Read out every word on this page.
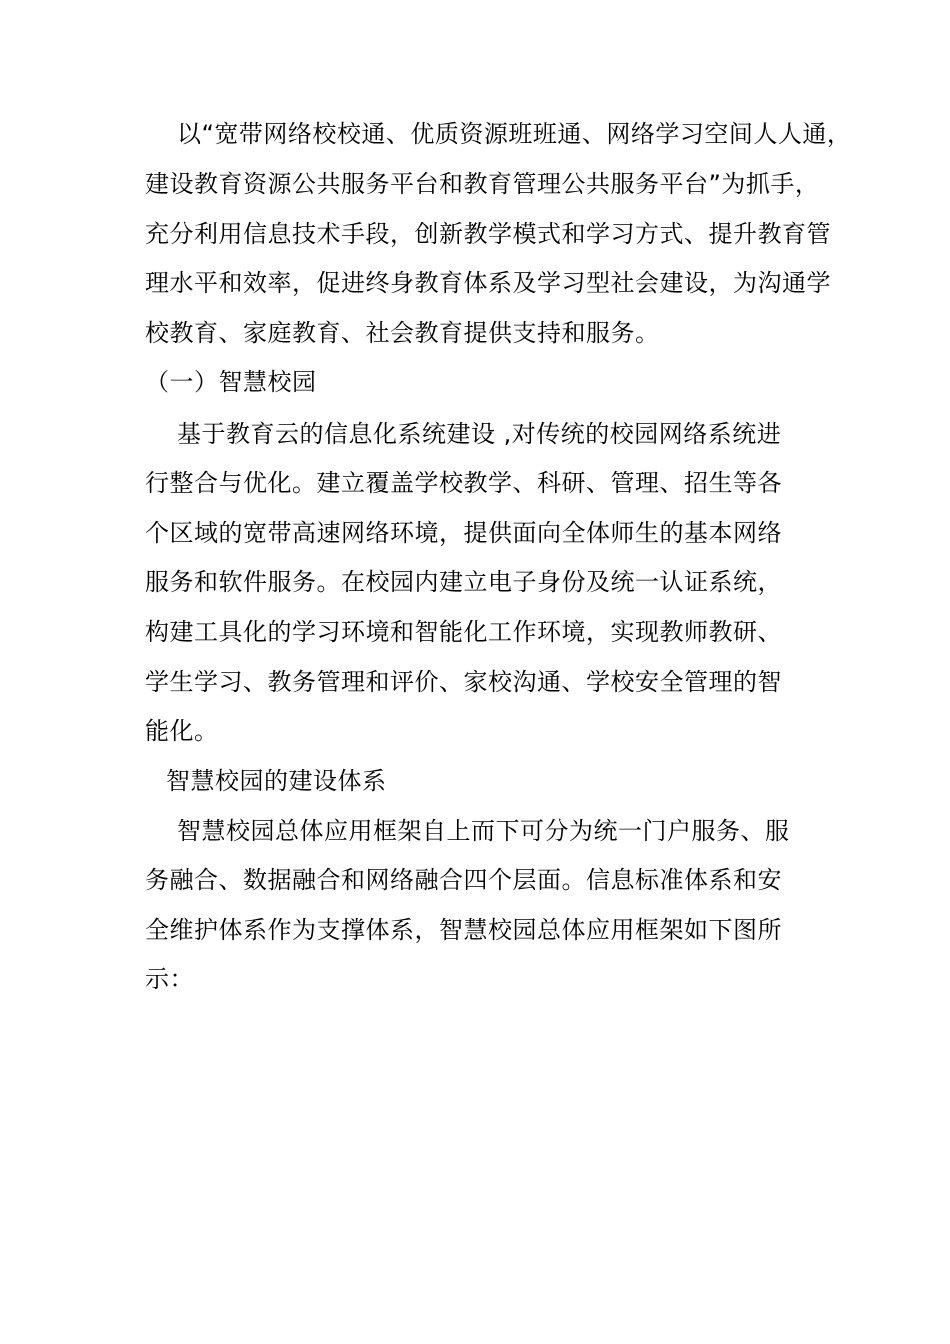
以“宽带网络校校通、优质资源班班通、网络学习空间人人通，
建设教育资源公共服务平台和教育管理公共服务平台”为抓手，
充分利用信息技术手段，创新教学模式和学习方式、提升教育管
理水平和效率，促进终身教育体系及学习型社会建设，为沟通学
校教育、家庭教育、社会教育提供支持和服务。
（一）智慧校园
基于教育云的信息化系统建设 ,对传统的校园网络系统进
行整合与优化。建立覆盖学校教学、科研、管理、招生等各
个区域的宽带高速网络环境，提供面向全体师生的基本网络
服务和软件服务。在校园内建立电子身份及统一认证系统，
构建工具化的学习环境和智能化工作环境，实现教师教研、
学生学习、教务管理和评价、家校沟通、学校安全管理的智
能化。
智慧校园的建设体系
智慧校园总体应用框架自上而下可分为统一门户服务、服
务融合、数据融合和网络融合四个层面。信息标准体系和安
全维护体系作为支撑体系，智慧校园总体应用框架如下图所
示：
